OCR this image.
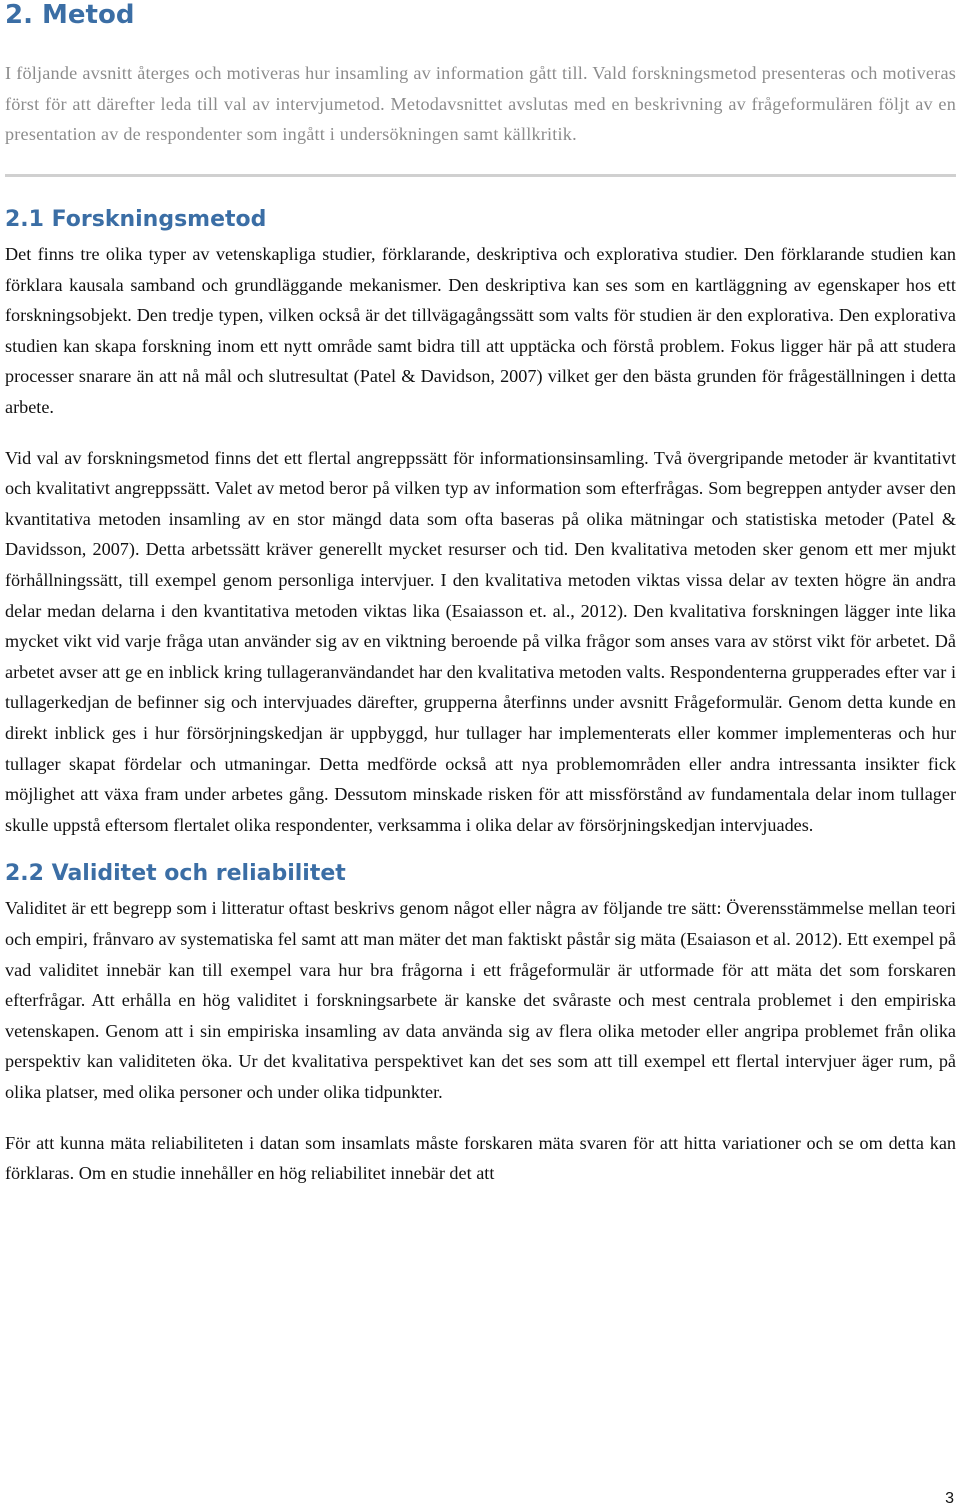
2. Metod

I följande avsnitt återges och motiveras hur insamling av information gått till. Vald forskningsmetod presenteras och motiveras först för att därefter leda till val av intervjumetod. Metodavsnittet avslutas med en beskrivning av frågeformulären följt av en presentation av de respondenter som ingått i undersökningen samt källkritik.

2.1 Forskningsmetod

Det finns tre olika typer av vetenskapliga studier, förklarande, deskriptiva och explorativa studier. Den förklarande studien kan förklara kausala samband och grundläggande mekanismer. Den deskriptiva kan ses som en kartläggning av egenskaper hos ett forskningsobjekt. Den tredje typen, vilken också är det tillvägagångssätt som valts för studien är den explorativa. Den explorativa studien kan skapa forskning inom ett nytt område samt bidra till att upptäcka och förstå problem. Fokus ligger här på att studera processer snarare än att nå mål och slutresultat (Patel & Davidson, 2007) vilket ger den bästa grunden för frågeställningen i detta arbete.

Vid val av forskningsmetod finns det ett flertal angreppssätt för informationsinsamling. Två övergripande metoder är kvantitativt och kvalitativt angreppssätt. Valet av metod beror på vilken typ av information som efterfrågas. Som begreppen antyder avser den kvantitativa metoden insamling av en stor mängd data som ofta baseras på olika mätningar och statistiska metoder (Patel & Davidsson, 2007). Detta arbetssätt kräver generellt mycket resurser och tid. Den kvalitativa metoden sker genom ett mer mjukt förhållningssätt, till exempel genom personliga intervjuer. I den kvalitativa metoden viktas vissa delar av texten högre än andra delar medan delarna i den kvantitativa metoden viktas lika (Esaiasson et. al., 2012). Den kvalitativa forskningen lägger inte lika mycket vikt vid varje fråga utan använder sig av en viktning beroende på vilka frågor som anses vara av störst vikt för arbetet. Då arbetet avser att ge en inblick kring tullageranvändandet har den kvalitativa metoden valts. Respondenterna grupperades efter var i tullagerkedjan de befinner sig och intervjuades därefter, grupperna återfinns under avsnitt Frågeformulär. Genom detta kunde en direkt inblick ges i hur försörjningskedjan är uppbyggd, hur tullager har implementerats eller kommer implementeras och hur tullager skapat fördelar och utmaningar. Detta medförde också att nya problemområden eller andra intressanta insikter fick möjlighet att växa fram under arbetes gång. Dessutom minskade risken för att missförstånd av fundamentala delar inom tullager skulle uppstå eftersom flertalet olika respondenter, verksamma i olika delar av försörjningskedjan intervjuades.

2.2 Validitet och reliabilitet

Validitet är ett begrepp som i litteratur oftast beskrivs genom något eller några av följande tre sätt: Överensstämmelse mellan teori och empiri, frånvaro av systematiska fel samt att man mäter det man faktiskt påstår sig mäta (Esaiason et al. 2012). Ett exempel på vad validitet innebär kan till exempel vara hur bra frågorna i ett frågeformulär är utformade för att mäta det som forskaren efterfrågar. Att erhålla en hög validitet i forskningsarbete är kanske det svåraste och mest centrala problemet i den empiriska vetenskapen. Genom att i sin empiriska insamling av data använda sig av flera olika metoder eller angripa problemet från olika perspektiv kan validiteten öka. Ur det kvalitativa perspektivet kan det ses som att till exempel ett flertal intervjuer äger rum, på olika platser, med olika personer och under olika tidpunkter.

För att kunna mäta reliabiliteten i datan som insamlats måste forskaren mäta svaren för att hitta variationer och se om detta kan förklaras. Om en studie innehåller en hög reliabilitet innebär det att

3
